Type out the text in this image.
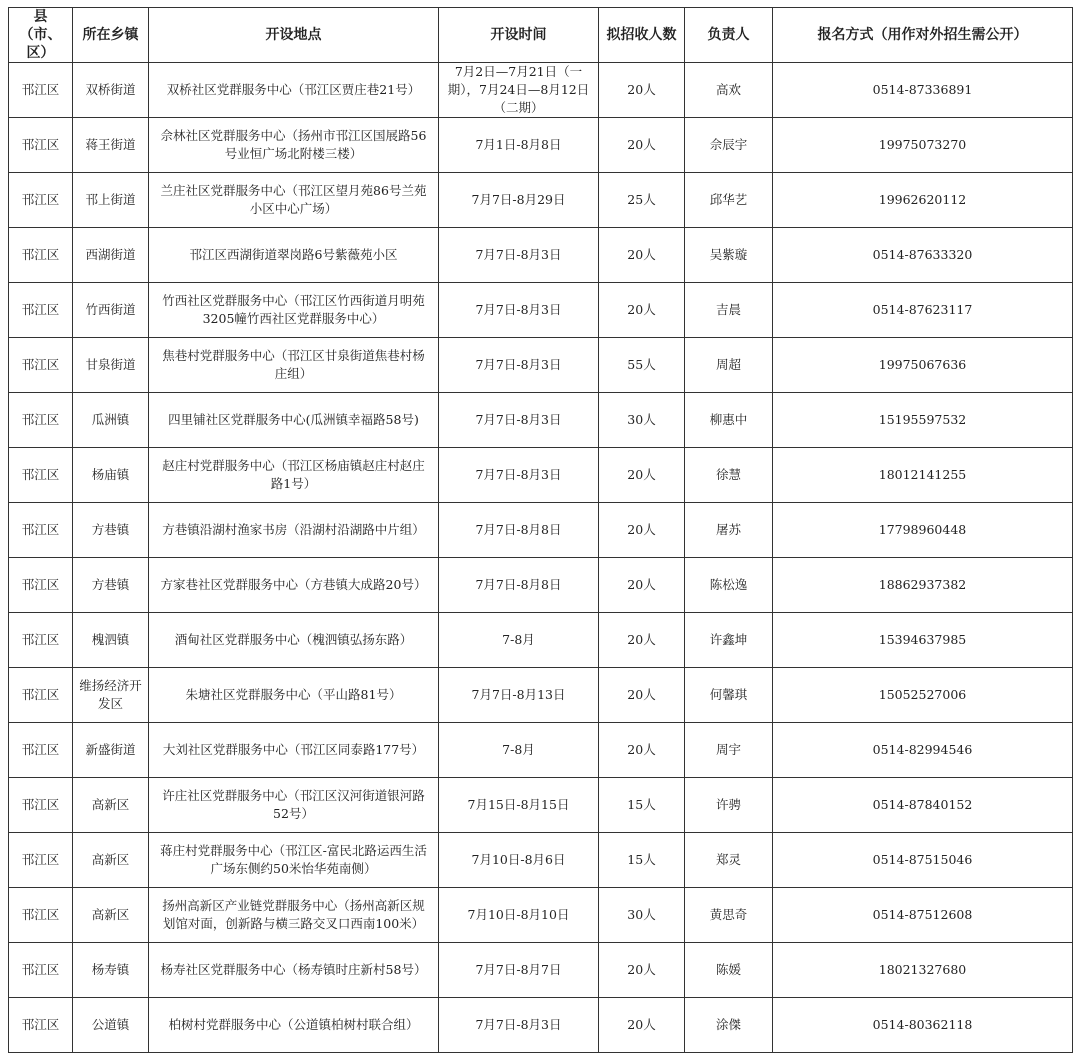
县（市、区）	所在乡镇	开设地点	开设时间	拟招收人数	负责人	报名方式（用作对外招生需公开）
邗江区	双桥街道	双桥社区党群服务中心（邗江区贾庄巷21号）	7月2日—7月21日（一期），7月24日—8月12日（二期）	20人	高欢	0514-87336891
邗江区	蒋王街道	佘林社区党群服务中心（扬州市邗江区国展路56号业恒广场北附楼三楼）	7月1日-8月8日	20人	佘辰宇	19975073270
邗江区	邗上街道	兰庄社区党群服务中心（邗江区望月苑86号兰苑小区中心广场）	7月7日-8月29日	25人	邱华艺	19962620112
邗江区	西湖街道	邗江区西湖街道翠岗路6号紫薇苑小区	7月7日-8月3日	20人	吴紫璇	0514-87633320
邗江区	竹西街道	竹西社区党群服务中心（邗江区竹西街道月明苑3205幢竹西社区党群服务中心）	7月7日-8月3日	20人	吉晨	0514-87623117
邗江区	甘泉街道	焦巷村党群服务中心（邗江区甘泉街道焦巷村杨庄组）	7月7日-8月3日	55人	周超	19975067636
邗江区	瓜洲镇	四里铺社区党群服务中心(瓜洲镇幸福路58号)	7月7日-8月3日	30人	柳惠中	15195597532
邗江区	杨庙镇	赵庄村党群服务中心（邗江区杨庙镇赵庄村赵庄路1号）	7月7日-8月3日	20人	徐慧	18012141255
邗江区	方巷镇	方巷镇沿湖村渔家书房（沿湖村沿湖路中片组）	7月7日-8月8日	20人	屠苏	17798960448
邗江区	方巷镇	方家巷社区党群服务中心（方巷镇大成路20号）	7月7日-8月8日	20人	陈松逸	18862937382
邗江区	槐泗镇	酒甸社区党群服务中心（槐泗镇弘扬东路）	7-8月	20人	许鑫坤	15394637985
邗江区	维扬经济开发区	朱塘社区党群服务中心（平山路81号）	7月7日-8月13日	20人	何馨琪	15052527006
邗江区	新盛街道	大刘社区党群服务中心（邗江区同泰路177号）	7-8月	20人	周宇	0514-82994546
邗江区	高新区	许庄社区党群服务中心（邗江区汉河街道银河路52号）	7月15日-8月15日	15人	许骋	0514-87840152
邗江区	高新区	蒋庄村党群服务中心（邗江区-富民北路运西生活广场东侧约50米怡华苑南侧）	7月10日-8月6日	15人	郑灵	0514-87515046
邗江区	高新区	扬州高新区产业链党群服务中心（扬州高新区规划馆对面，创新路与横三路交叉口西南100米）	7月10日-8月10日	30人	黄思奇	0514-87512608
邗江区	杨寿镇	杨寿社区党群服务中心（杨寿镇时庄新村58号）	7月7日-8月7日	20人	陈媛	18021327680
邗江区	公道镇	柏树村党群服务中心（公道镇柏树村联合组）	7月7日-8月3日	20人	涂傑	0514-80362118
